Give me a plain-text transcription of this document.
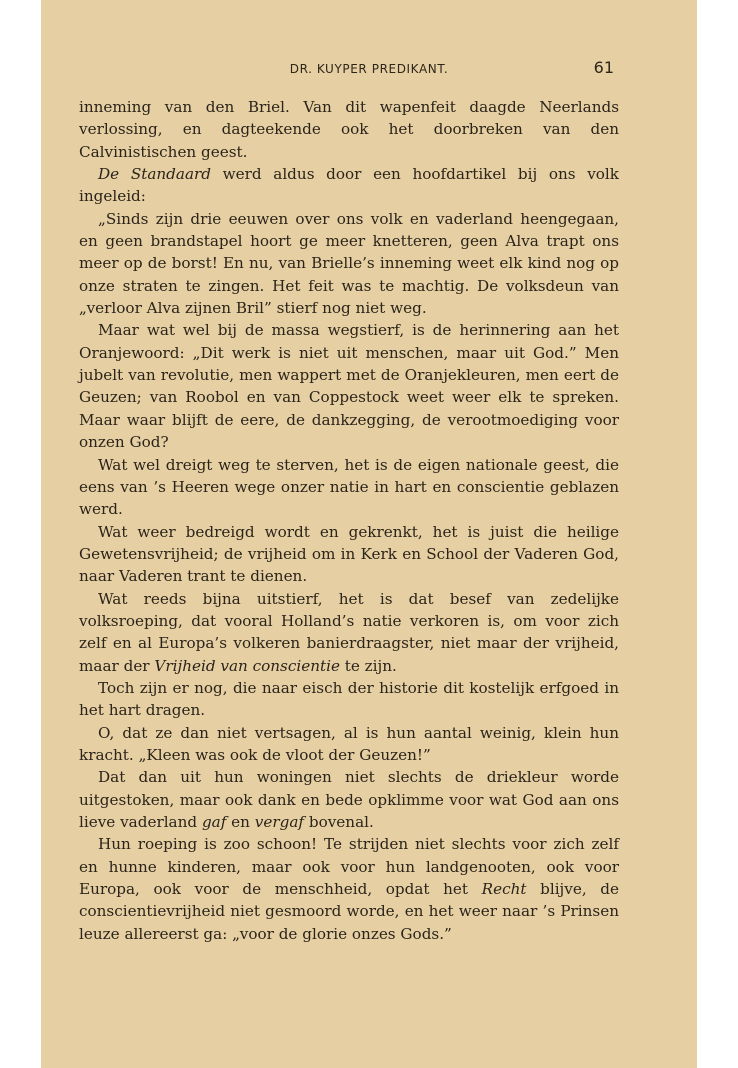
DR. KUYPER PREDIKANT.	61

inneming van den Briel. Van dit wapenfeit daagde Neerlands verlossing, en dagteekende ook het doorbreken van den Calvinistischen geest.

De Standaard werd aldus door een hoofdartikel bij ons volk ingeleid:

„Sinds zijn drie eeuwen over ons volk en vaderland heengegaan, en geen brandstapel hoort ge meer knetteren, geen Alva trapt ons meer op de borst! En nu, van Brielle’s inneming weet elk kind nog op onze straten te zingen. Het feit was te machtig. De volksdeun van „verloor Alva zijnen Bril” stierf nog niet weg.

Maar wat wel bij de massa wegstierf, is de herinnering aan het Oranjewoord: „Dit werk is niet uit menschen, maar uit God.” Men jubelt van revolutie, men wappert met de Oranjekleuren, men eert de Geuzen; van Roobol en van Coppestock weet weer elk te spreken. Maar waar blijft de eere, de dankzegging, de verootmoediging voor onzen God?

Wat wel dreigt weg te sterven, het is de eigen nationale geest, die eens van ’s Heeren wege onzer natie in hart en conscientie geblazen werd.

Wat weer bedreigd wordt en gekrenkt, het is juist die heilige Gewetensvrijheid; de vrijheid om in Kerk en School der Vaderen God, naar Vaderen trant te dienen.

Wat reeds bijna uitstierf, het is dat besef van zedelijke volksroeping, dat vooral Holland’s natie verkoren is, om voor zich zelf en al Europa’s volkeren banierdraagster, niet maar der vrijheid, maar der Vrijheid van conscientie te zijn.

Toch zijn er nog, die naar eisch der historie dit kostelijk erfgoed in het hart dragen.

O, dat ze dan niet vertsagen, al is hun aantal weinig, klein hun kracht. „Kleen was ook de vloot der Geuzen!”

Dat dan uit hun woningen niet slechts de driekleur worde uitgestoken, maar ook dank en bede opklimme voor wat God aan ons lieve vaderland gaf en vergaf bovenal.

Hun roeping is zoo schoon! Te strijden niet slechts voor zich zelf en hunne kinderen, maar ook voor hun landgenooten, ook voor Europa, ook voor de menschheid, opdat het Recht blijve, de conscientievrijheid niet gesmoord worde, en het weer naar ’s Prinsen leuze allereerst ga: „voor de glorie onzes Gods.”
